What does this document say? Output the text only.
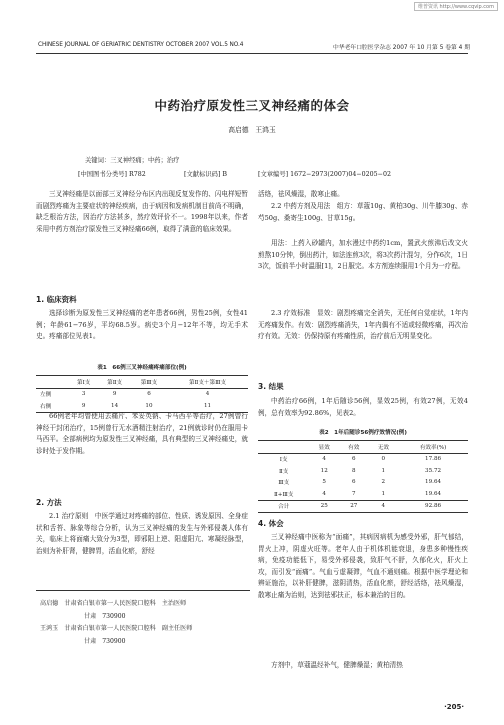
维普资讯 http://www.cqvip.com
CHINESE JOURNAL OF GERIATRIC DENTISTRY OCTOBER 2007 VOL.5 NO.4	中华老年口腔医学杂志 2007 年 10 月第 5 卷第 4 期
中药治疗原发性三叉神经痛的体会
高启德　王鸿玉
关键词：三叉神经痛；中药；治疗
[中国图书分类号] R782	[文献标识码] B	[文章编号] 1672−2973(2007)04−0205−02

三叉神经痛是以面部三叉神经分布区内出现反复发作的、闪电样短暂而剧烈疼痛为主要症状的神经疾病，由于病因和发病机制目前尚不明确，缺乏根治方法，因治疗方法甚多，然疗效评价不一。1998年以来，作者采用中药方剂治疗原发性三叉神经痛66例，取得了满意的临床效果。

1. 临床资料

选择诊断为原发性三叉神经痛的老年患者66例，男性25例，女性41例；年龄61−76岁，平均68.5岁。病史3个月−12年不等，均无手术史。疼痛部位见表1。

表1　66例三叉神经痛疼痛部位(例)
	第Ⅰ支	第Ⅱ支	第Ⅲ支	第Ⅱ支＋第Ⅲ支
左侧	3	9	6	4
右侧	9	14	10	11

66例老年均曾使用去痛片、苯妥英钠、卡马西平等治疗，27例曾行神经干封闭治疗，15例曾行无水酒精注射治疗，21例就诊时仍在服用卡马西平。全部病例均为原发性三叉神经痛，具有典型的三叉神经痛史，就诊时处于发作期。

2. 方法

2.1 治疗原则　中医学通过对疼痛的部位、性质、诱发原因、全身症状和舌苔、脉象等综合分析，认为三叉神经痛的发生与外邪侵袭人体有关，临床上将面痛大致分为3型，即邪阳上逆、阳虚阳亢、寒凝经脉型，治则为补肝肾，健脾胃，活血化瘀，舒经

高启德　甘肃省白银市第一人民医院口腔科　主治医师
甘肃　730900
王鸿玉　甘肃省白银市第一人民医院口腔科　副主任医师
甘肃　730900

活络，祛风燥湿，散寒止痛。

2.2 中药方剂及用法　组方：草蔻10g、黄柏30g、川牛膝30g、赤芍50g、桑寄生100g、甘草15g。

用法：上药入砂罐内，加水漫过中药约1cm，置武火煎沸后改文火煎熬10分钟，倒出药汁，如法连煎3次，将3次药汁混匀，分作6次，1日3次，饭前半小时温服[1]，2日服完。本方剂连续服用1个月为一疗程。

2.3 疗效标准　显效：剧烈疼痛完全消失，无任何自觉症状，1年内无疼痛发作。有效：剧烈疼痛消失，1年内偶有不适或轻微疼痛，再次治疗有效。无效：仍保持原有疼痛性质，治疗前后无明显变化。

3. 结果

中药治疗66例，1年后随诊56例，显效25例，有效27例，无效4例，总有效率为92.86%，见表2。

表2　1年后随诊56例疗效情况(例)
	显效	有效	无效	有效率(%)
Ⅰ支	4	6	0	17.86
Ⅱ支	12	8	1	35.72
Ⅲ支	5	6	2	19.64
Ⅱ+Ⅲ支	4	7	1	19.64
合计	25	27	4	92.86
4. 体会

三叉神经痛中医称为“面痛”，其病因病机为感受外邪，肝气郁结，胃火上冲，阴虚火旺等。老年人由于机体机能衰退，身患多种慢性疾病，免疫功能低下，易受外邪侵袭，致肝气不舒，久郁化火，肝火上攻，而引发“面痛”。气血亏虚凝滞，气血不通则痛。根据中医学理论和辨证施治，以补肝健脾，滋阴清热，活血化瘀，舒经活络，祛风燥湿，散寒止痛为治则，达到祛邪扶正，标本兼治的目的。

方剂中，草蔻温经补气，健脾燥湿；黄柏清热

·205·
